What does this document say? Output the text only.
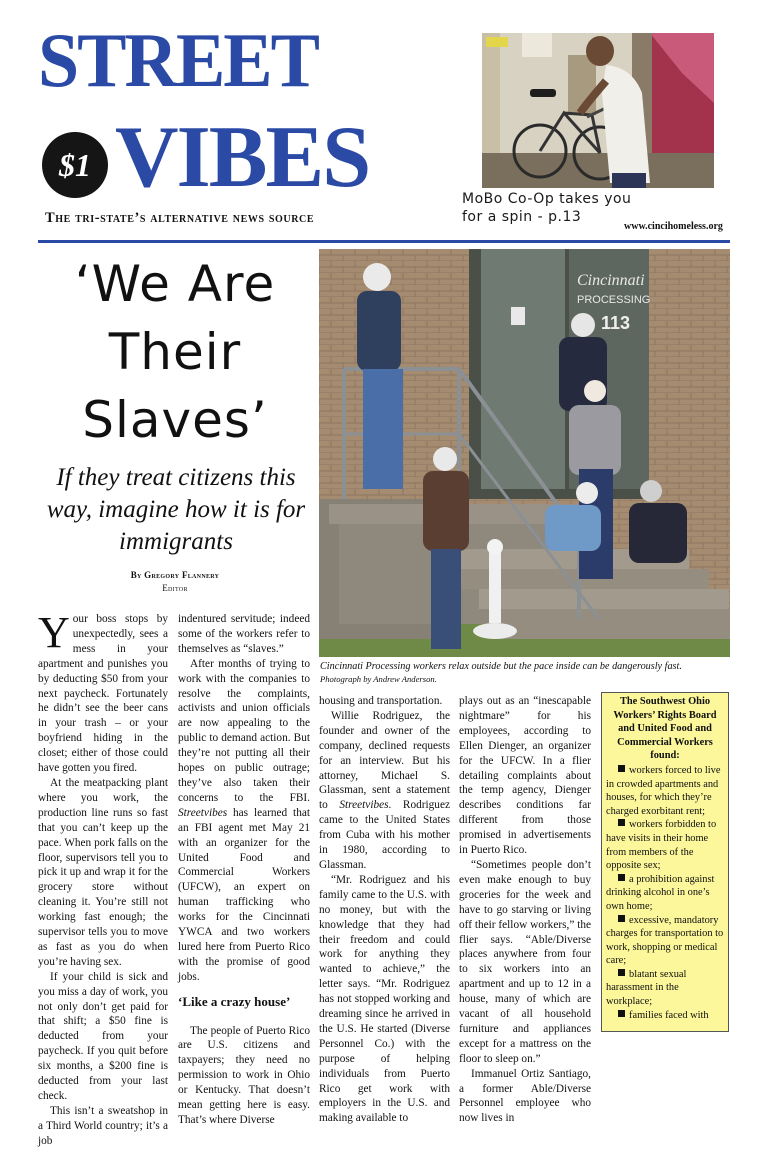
STREET
VIBES
$1
The tri-state’s alternative news source
MoBo Co-Op takes you for a spin - p.13
www.cincihomeless.org
‘We Are
Their
Slaves’
If they treat citizens this way, imagine how it is for immigrants
By Gregory Flannery
Editor
Cincinnati
PROCESSING
113
Cincinnati Processing workers relax outside but the pace inside can be dangerously fast.
Photograph by Andrew Anderson.

Your boss stops by unexpectedly, sees a mess in your apartment and punishes you by deducting $50 from your next paycheck. Fortunately he didn’t see the beer cans in your trash – or your boyfriend hiding in the closet; either of those could have gotten you fired.

At the meatpacking plant where you work, the production line runs so fast that you can’t keep up the pace. When pork falls on the floor, supervisors tell you to pick it up and wrap it for the grocery store without cleaning it. You’re still not working fast enough; the supervisor tells you to move as fast as you do when you’re having sex.

If your child is sick and you miss a day of work, you not only don’t get paid for that shift; a $50 fine is deducted from your paycheck. If you quit before six months, a $200 fine is deducted from your last check.

This isn’t a sweatshop in a Third World country; it’s a job

indentured servitude; indeed some of the workers refer to themselves as “slaves.”

After months of trying to work with the companies to resolve the complaints, activists and union officials are now appealing to the public to demand action. But they’re not putting all their hopes on public outrage; they’ve also taken their concerns to the FBI. Streetvibes has learned that an FBI agent met May 21 with an organizer for the United Food and Commercial Workers (UFCW), an expert on human trafficking who works for the Cincinnati YWCA and two workers lured here from Puerto Rico with the promise of good jobs.

‘Like a crazy house’

The people of Puerto Rico are U.S. citizens and taxpayers; they need no permission to work in Ohio or Kentucky. That doesn’t mean getting here is easy. That’s where Diverse

housing and transportation.

Willie Rodriguez, the founder and owner of the company, declined requests for an interview. But his attorney, Michael S. Glassman, sent a statement to Streetvibes. Rodriguez came to the United States from Cuba with his mother in 1980, according to Glassman.

“Mr. Rodriguez and his family came to the U.S. with no money, but with the knowledge that they had their freedom and could work for anything they wanted to achieve,” the letter says. “Mr. Rodriguez has not stopped working and dreaming since he arrived in the U.S. He started (Diverse Personnel Co.) with the purpose of helping individuals from Puerto Rico get work with employers in the U.S. and making available to

plays out as an “inescapable nightmare” for his employees, according to Ellen Dienger, an organizer for the UFCW. In a flier detailing complaints about the temp agency, Dienger describes conditions far different from those promised in advertisements in Puerto Rico.

“Sometimes people don’t even make enough to buy groceries for the week and have to go starving or living off their fellow workers,” the flier says. “Able/Diverse places anywhere from four to six workers into an apartment and up to 12 in a house, many of which are vacant of all household furniture and appliances except for a mattress on the floor to sleep on.”

Immanuel Ortiz Santiago, a former Able/Diverse Personnel employee who now lives in

The Southwest Ohio Workers’ Rights Board and United Food and Commercial Workers found:
workers forced to live in crowded apartments and houses, for which they’re charged exorbitant rent;
workers forbidden to have visits in their home from members of the opposite sex;
a prohibition against drinking alcohol in one’s own home;
excessive, mandatory charges for transportation to work, shopping or medical care;
blatant sexual harassment in the workplace;
families faced with
